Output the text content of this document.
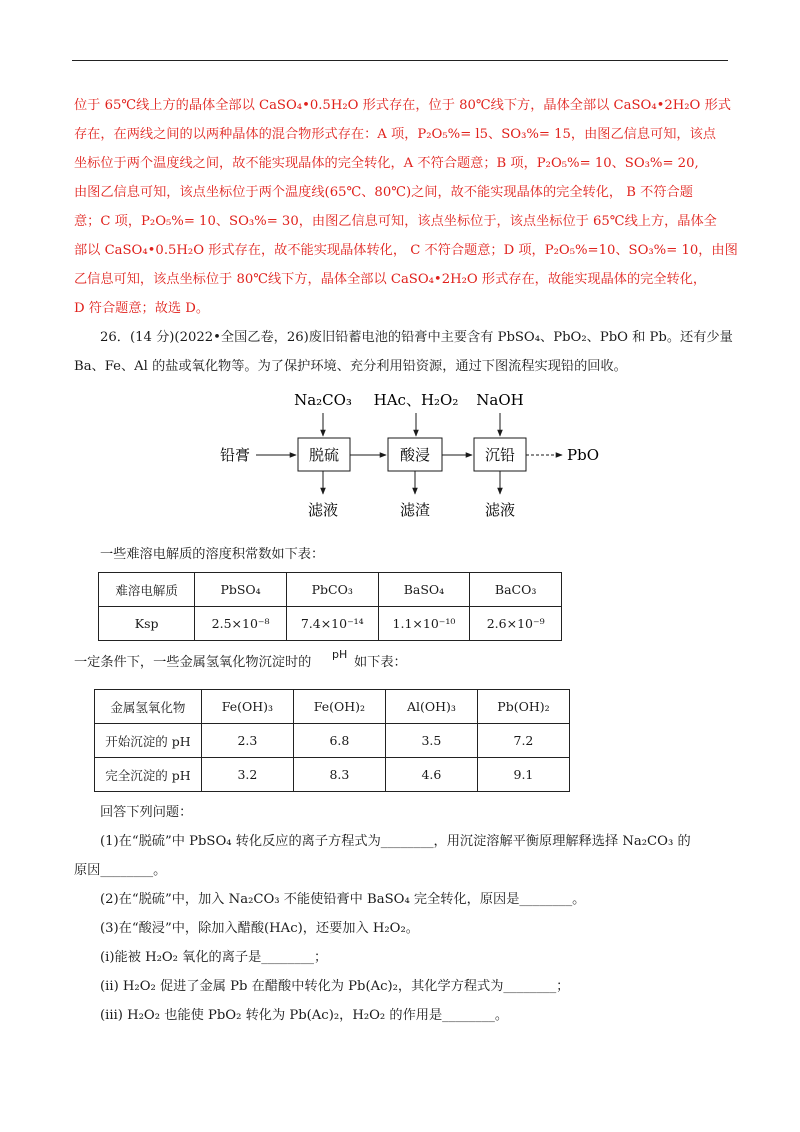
位于 65℃线上方的晶体全部以 CaSO₄•0.5H₂O 形式存在，位于 80℃线下方，晶体全部以 CaSO₄•2H₂O 形式
存在，在两线之间的以两种晶体的混合物形式存在：A 项，P₂O₅%= l5、SO₃%= 15，由图乙信息可知，该点
坐标位于两个温度线之间，故不能实现晶体的完全转化，A 不符合题意；B 项，P₂O₅%= 10、SO₃%= 20,
由图乙信息可知，该点坐标位于两个温度线(65℃、80℃)之间，故不能实现晶体的完全转化， B 不符合题
意；C 项，P₂O₅%= 10、SO₃%= 30，由图乙信息可知，该点坐标位于，该点坐标位于 65℃线上方，晶体全
部以 CaSO₄•0.5H₂O 形式存在，故不能实现晶体转化， C 不符合题意；D 项，P₂O₅%=10、SO₃%= 10，由图
乙信息可知，该点坐标位于 80℃线下方，晶体全部以 CaSO₄•2H₂O 形式存在，故能实现晶体的完全转化，
D 符合题意；故选 D。
26．(14 分)(2022•全国乙卷，26)废旧铅蓄电池的铅膏中主要含有 PbSO₄、PbO₂、PbO 和 Pb。还有少量
Ba、Fe、Al 的盐或氧化物等。为了保护环境、充分利用铅资源，通过下图流程实现铅的回收。
Na₂CO₃ HAc、H₂O₂ NaOH
铅膏	脱硫	酸浸	沉铅	PbO
滤液	滤渣	滤液
一些难溶电解质的溶度积常数如下表：
难溶电解质	PbSO₄	PbCO₃	BaSO₄	BaCO₃
Ksp	2.5×10⁻⁸	7.4×10⁻¹⁴	1.1×10⁻¹⁰	2.6×10⁻⁹
一定条件下，一些金属氢氧化物沉淀时的
pH
如下表：
金属氢氧化物	Fe(OH)₃	Fe(OH)₂	Al(OH)₃	Pb(OH)₂
开始沉淀的 pH	2.3	6.8	3.5	7.2
完全沉淀的 pH	3.2	8.3	4.6	9.1
回答下列问题：
(1)在“脱硫”中 PbSO₄ 转化反应的离子方程式为________，用沉淀溶解平衡原理解释选择 Na₂CO₃ 的
原因________。
(2)在“脱硫”中，加入 Na₂CO₃ 不能使铅膏中 BaSO₄ 完全转化，原因是________。
(3)在“酸浸”中，除加入醋酸(HAc)，还要加入 H₂O₂。
(ⅰ)能被 H₂O₂ 氧化的离子是________；
(ⅱ) H₂O₂ 促进了金属 Pb 在醋酸中转化为 Pb(Ac)₂，其化学方程式为________；
(ⅲ) H₂O₂ 也能使 PbO₂ 转化为 Pb(Ac)₂，H₂O₂ 的作用是________。
